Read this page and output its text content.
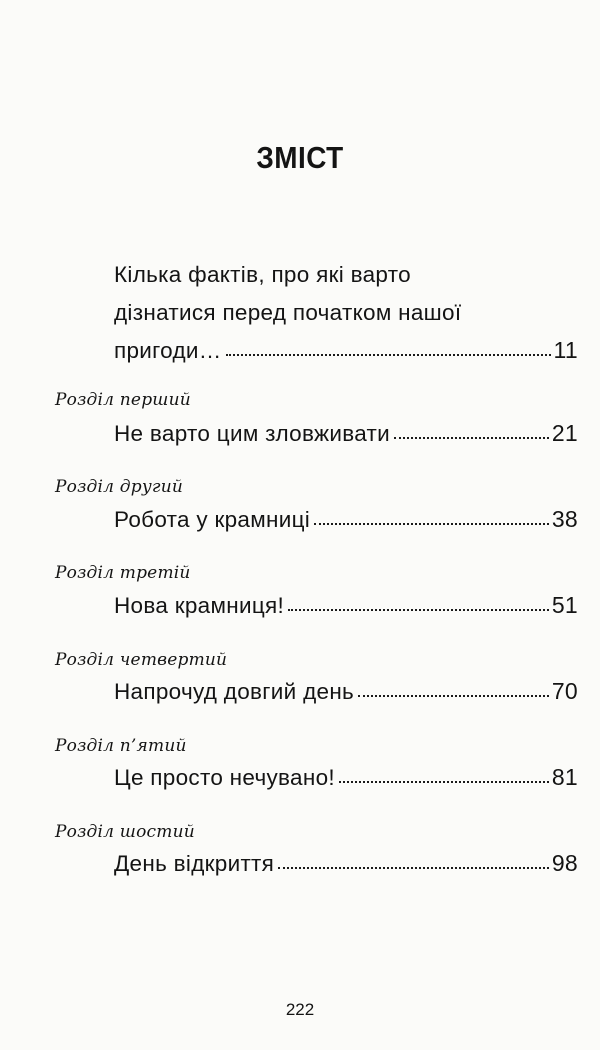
ЗМІСТ
Кілька фактів, про які варто
дізнатися перед початком нашої
пригоди…	11
Розділ перший
Не варто цим зловживати	21
Розділ другий
Робота у крамниці	38
Розділ третій
Нова крамниця!	51
Розділ четвертий
Напрочуд довгий день	70
Розділ п’ятий
Це просто нечувано!	81
Розділ шостий
День відкриття	98
222
